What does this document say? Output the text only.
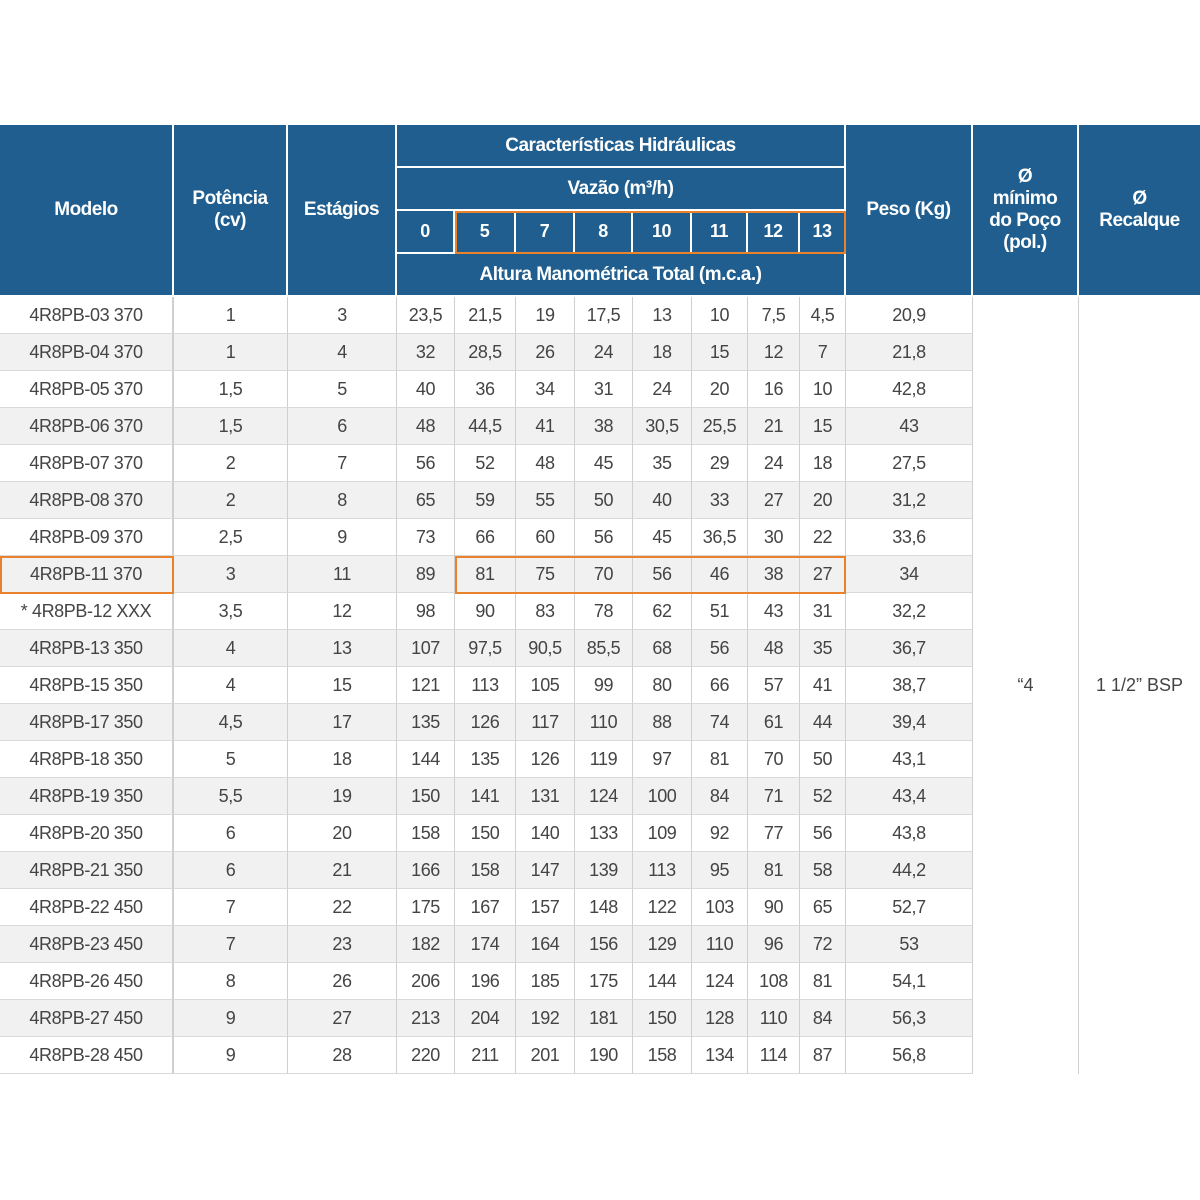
Modelo
Potência (cv)
Estágios
Características Hidráulicas
Vazão (m³/h)
0	5	7	8	10	11	12	13
Altura Manométrica Total (m.c.a.)
Peso (Kg)
Ø mínimo do Poço (pol.)
Ø Recalque
“4	1 1/2” BSP
4R8PB-03 370	1	3	23,5	21,5	19	17,5	13	10	7,5	4,5	20,9
4R8PB-04 370	1	4	32	28,5	26	24	18	15	12	7	21,8
4R8PB-05 370	1,5	5	40	36	34	31	24	20	16	10	42,8
4R8PB-06 370	1,5	6	48	44,5	41	38	30,5	25,5	21	15	43
4R8PB-07 370	2	7	56	52	48	45	35	29	24	18	27,5
4R8PB-08 370	2	8	65	59	55	50	40	33	27	20	31,2
4R8PB-09 370	2,5	9	73	66	60	56	45	36,5	30	22	33,6
4R8PB-11 370	3	11	89	81	75	70	56	46	38	27	34
* 4R8PB-12 XXX	3,5	12	98	90	83	78	62	51	43	31	32,2
4R8PB-13 350	4	13	107	97,5	90,5	85,5	68	56	48	35	36,7
4R8PB-15 350	4	15	121	113	105	99	80	66	57	41	38,7
4R8PB-17 350	4,5	17	135	126	117	110	88	74	61	44	39,4
4R8PB-18 350	5	18	144	135	126	119	97	81	70	50	43,1
4R8PB-19 350	5,5	19	150	141	131	124	100	84	71	52	43,4
4R8PB-20 350	6	20	158	150	140	133	109	92	77	56	43,8
4R8PB-21 350	6	21	166	158	147	139	113	95	81	58	44,2
4R8PB-22 450	7	22	175	167	157	148	122	103	90	65	52,7
4R8PB-23 450	7	23	182	174	164	156	129	110	96	72	53
4R8PB-26 450	8	26	206	196	185	175	144	124	108	81	54,1
4R8PB-27 450	9	27	213	204	192	181	150	128	110	84	56,3
4R8PB-28 450	9	28	220	211	201	190	158	134	114	87	56,8
